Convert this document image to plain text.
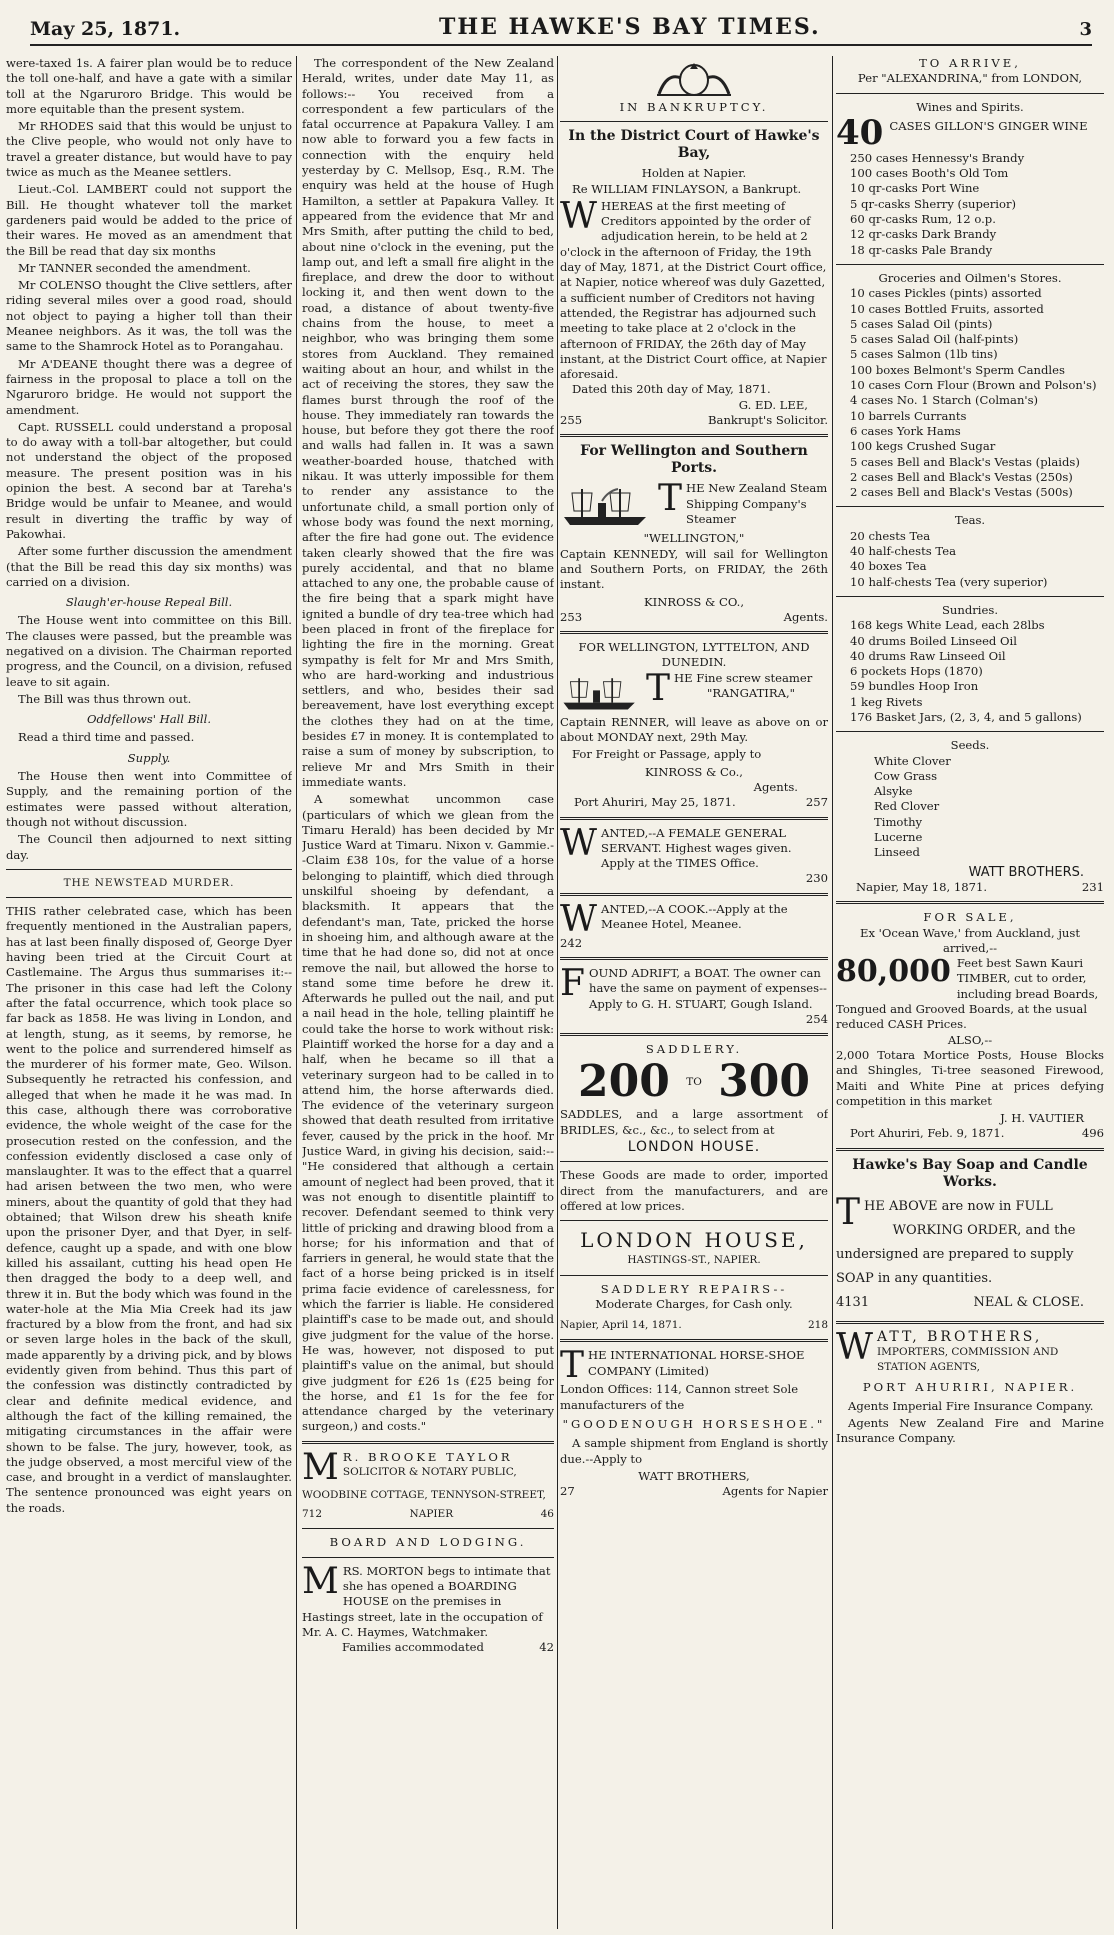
May 25, 1871.	THE HAWKE'S BAY TIMES.	3

were-taxed 1s. A fairer plan would be to reduce the toll one-half, and have a gate with a similar toll at the Ngaruroro Bridge. This would be more equitable than the present system.

Mr RHODES said that this would be unjust to the Clive people, who would not only have to travel a greater distance, but would have to pay twice as much as the Meanee settlers.

Lieut.-Col. LAMBERT could not support the Bill. He thought whatever toll the market gardeners paid would be added to the price of their wares. He moved as an amendment that the Bill be read that day six months

Mr TANNER seconded the amendment.

Mr COLENSO thought the Clive settlers, after riding several miles over a good road, should not object to paying a higher toll than their Meanee neighbors. As it was, the toll was the same to the Shamrock Hotel as to Porangahau.

Mr A'DEANE thought there was a degree of fairness in the proposal to place a toll on the Ngaruroro bridge. He would not support the amendment.

Capt. RUSSELL could understand a proposal to do away with a toll-bar altogether, but could not understand the object of the proposed measure. The present position was in his opinion the best. A second bar at Tareha's Bridge would be unfair to Meanee, and would result in diverting the traffic by way of Pakowhai.

After some further discussion the amendment (that the Bill be read this day six months) was carried on a division.

Slaugh'er-house Repeal Bill.

The House went into committee on this Bill. The clauses were passed, but the preamble was negatived on a division. The Chairman reported progress, and the Council, on a division, refused leave to sit again.

The Bill was thus thrown out.

Oddfellows' Hall Bill.

Read a third time and passed.

Supply.

The House then went into Committee of Supply, and the remaining portion of the estimates were passed without alteration, though not without discussion.

The Council then adjourned to next sitting day.

THE NEWSTEAD MURDER.

THIS rather celebrated case, which has been frequently mentioned in the Australian papers, has at last been finally disposed of, George Dyer having been tried at the Circuit Court at Castlemaine. The Argus thus summarises it:-- The prisoner in this case had left the Colony after the fatal occurrence, which took place so far back as 1858. He was living in London, and at length, stung, as it seems, by remorse, he went to the police and surrendered himself as the murderer of his former mate, Geo. Wilson. Subsequently he retracted his confession, and alleged that when he made it he was mad. In this case, although there was corroborative evidence, the whole weight of the case for the prosecution rested on the confession, and the confession evidently disclosed a case only of manslaughter. It was to the effect that a quarrel had arisen between the two men, who were miners, about the quantity of gold that they had obtained; that Wilson drew his sheath knife upon the prisoner Dyer, and that Dyer, in self-defence, caught up a spade, and with one blow killed his assailant, cutting his head open He then dragged the body to a deep well, and threw it in. But the body which was found in the water-hole at the Mia Mia Creek had its jaw fractured by a blow from the front, and had six or seven large holes in the back of the skull, made apparently by a driving pick, and by blows evidently given from behind. Thus this part of the confession was distinctly contradicted by clear and definite medical evidence, and although the fact of the killing remained, the mitigating circumstances in the affair were shown to be false. The jury, however, took, as the judge observed, a most merciful view of the case, and brought in a verdict of manslaughter. The sentence pronounced was eight years on the roads.

The correspondent of the New Zealand Herald, writes, under date May 11, as follows:-- You received from a correspondent a few particulars of the fatal occurrence at Papakura Valley. I am now able to forward you a few facts in connection with the enquiry held yesterday by C. Mellsop, Esq., R.M. The enquiry was held at the house of Hugh Hamilton, a settler at Papakura Valley. It appeared from the evidence that Mr and Mrs Smith, after putting the child to bed, about nine o'clock in the evening, put the lamp out, and left a small fire alight in the fireplace, and drew the door to without locking it, and then went down to the road, a distance of about twenty-five chains from the house, to meet a neighbor, who was bringing them some stores from Auckland. They remained waiting about an hour, and whilst in the act of receiving the stores, they saw the flames burst through the roof of the house. They immediately ran towards the house, but before they got there the roof and walls had fallen in. It was a sawn weather-boarded house, thatched with nikau. It was utterly impossible for them to render any assistance to the unfortunate child, a small portion only of whose body was found the next morning, after the fire had gone out. The evidence taken clearly showed that the fire was purely accidental, and that no blame attached to any one, the probable cause of the fire being that a spark might have ignited a bundle of dry tea-tree which had been placed in front of the fireplace for lighting the fire in the morning. Great sympathy is felt for Mr and Mrs Smith, who are hard-working and industrious settlers, and who, besides their sad bereavement, have lost everything except the clothes they had on at the time, besides £7 in money. It is contemplated to raise a sum of money by subscription, to relieve Mr and Mrs Smith in their immediate wants.

A somewhat uncommon case (particulars of which we glean from the Timaru Herald) has been decided by Mr Justice Ward at Timaru. Nixon v. Gammie.--Claim £38 10s, for the value of a horse belonging to plaintiff, which died through unskilful shoeing by defendant, a blacksmith. It appears that the defendant's man, Tate, pricked the horse in shoeing him, and although aware at the time that he had done so, did not at once remove the nail, but allowed the horse to stand some time before he drew it. Afterwards he pulled out the nail, and put a nail head in the hole, telling plaintiff he could take the horse to work without risk: Plaintiff worked the horse for a day and a half, when he became so ill that a veterinary surgeon had to be called in to attend him, the horse afterwards died. The evidence of the veterinary surgeon showed that death resulted from irritative fever, caused by the prick in the hoof. Mr Justice Ward, in giving his decision, said:--"He considered that although a certain amount of neglect had been proved, that it was not enough to disentitle plaintiff to recover. Defendant seemed to think very little of pricking and drawing blood from a horse; for his information and that of farriers in general, he would state that the fact of a horse being pricked is in itself prima facie evidence of carelessness, for which the farrier is liable. He considered plaintiff's case to be made out, and should give judgment for the value of the horse. He was, however, not disposed to put plaintiff's value on the animal, but should give judgment for £26 1s (£25 being for the horse, and £1 1s for the fee for attendance charged by the veterinary surgeon,) and costs."

M R. BROOKE TAYLOR
SOLICITOR & NOTARY PUBLIC,
WOODBINE COTTAGE, TENNYSON-STREET,
712	NAPIER	46
BOARD AND LODGING.
M RS. MORTON begs to intimate that she has opened a BOARDING HOUSE on the premises in Hastings street, late in the occupation of Mr. A. C. Haymes, Watchmaker.
Families accommodated	42
IN BANKRUPTCY.
In the District Court of Hawke's Bay,
Holden at Napier.

Re WILLIAM FINLAYSON, a Bankrupt.

W HEREAS at the first meeting of Creditors appointed by the order of adjudication herein, to be held at 2 o'clock in the afternoon of Friday, the 19th day of May, 1871, at the District Court office, at Napier, notice whereof was duly Gazetted, a sufficient number of Creditors not having attended, the Registrar has adjourned such meeting to take place at 2 o'clock in the afternoon of FRIDAY, the 26th day of May instant, at the District Court office, at Napier aforesaid.
Dated this 20th day of May, 1871.
G. ED. LEE,
255	Bankrupt's Solicitor.
For Wellington and Southern Ports.
T HE New Zealand Steam Shipping Company's Steamer
"WELLINGTON,"

Captain KENNEDY, will sail for Wellington and Southern Ports, on FRIDAY, the 26th instant.

KINROSS & CO.,
253	Agents.
FOR WELLINGTON, LYTTELTON, AND DUNEDIN.
T HE Fine screw steamer
"RANGATIRA,"

Captain RENNER, will leave as above on or about MONDAY next, 29th May.

For Freight or Passage, apply to

KINROSS & Co.,
Agents.
Port Ahuriri, May 25, 1871.	257
W ANTED,--A FEMALE GENERAL SERVANT. Highest wages given. Apply at the TIMES Office.
230
W ANTED,--A COOK.--Apply at the Meanee Hotel, Meanee.
242
F OUND ADRIFT, a BOAT. The owner can have the same on payment of expenses--Apply to G. H. STUART, Gough Island.
254
SADDLERY.
200 TO 300

SADDLES, and a large assortment of BRIDLES, &c., &c., to select from at

LONDON HOUSE.

These Goods are made to order, imported direct from the manufacturers, and are offered at low prices.

LONDON HOUSE,
HASTINGS-ST., NAPIER.
SADDLERY REPAIRS--
Moderate Charges, for Cash only.
Napier, April 14, 1871.	218
T HE INTERNATIONAL HORSE-SHOE COMPANY (Limited)
London Offices: 114, Cannon street Sole manufacturers of the
"GOODENOUGH HORSESHOE."

A sample shipment from England is shortly due.--Apply to

WATT BROTHERS,
27	Agents for Napier
TO ARRIVE,
Per "ALEXANDRINA," from LONDON,
Wines and Spirits.
40 CASES GILLON'S GINGER WINE
250 cases Hennessy's Brandy
100 cases Booth's Old Tom
10 qr-casks Port Wine
5 qr-casks Sherry (superior)
60 qr-casks Rum, 12 o.p.
12 qr-casks Dark Brandy
18 qr-casks Pale Brandy
Groceries and Oilmen's Stores.
10 cases Pickles (pints) assorted
10 cases Bottled Fruits, assorted
5 cases Salad Oil (pints)
5 cases Salad Oil (half-pints)
5 cases Salmon (1lb tins)
100 boxes Belmont's Sperm Candles
10 cases Corn Flour (Brown and Polson's)
4 cases No. 1 Starch (Colman's)
10 barrels Currants
6 cases York Hams
100 kegs Crushed Sugar
5 cases Bell and Black's Vestas (plaids)
2 cases Bell and Black's Vestas (250s)
2 cases Bell and Black's Vestas (500s)
Teas.
20 chests Tea
40 half-chests Tea
40 boxes Tea
10 half-chests Tea (very superior)
Sundries.
168 kegs White Lead, each 28lbs
40 drums Boiled Linseed Oil
40 drums Raw Linseed Oil
6 pockets Hops (1870)
59 bundles Hoop Iron
1 keg Rivets
176 Basket Jars, (2, 3, 4, and 5 gallons)
Seeds.
White Clover
Cow Grass
Alsyke
Red Clover
Timothy
Lucerne
Linseed
WATT BROTHERS.
Napier, May 18, 1871.	231
FOR SALE,
Ex 'Ocean Wave,' from Auckland, just arrived,--
80,000 Feet best Sawn Kauri TIMBER, cut to order, including bread Boards, Tongued and Grooved Boards, at the usual reduced CASH Prices.
ALSO,--

2,000 Totara Mortice Posts, House Blocks and Shingles, Ti-tree seasoned Firewood, Maiti and White Pine at prices defying competition in this market

J. H. VAUTIER
Port Ahuriri, Feb. 9, 1871.	496
Hawke's Bay Soap and Candle Works.
T HE ABOVE are now in FULL
WORKING ORDER, and the
undersigned are prepared to supply
SOAP in any quantities.
4131	NEAL & CLOSE.
W ATT, BROTHERS,
IMPORTERS, COMMISSION AND STATION AGENTS,
PORT AHURIRI, NAPIER.

Agents Imperial Fire Insurance Company.

Agents New Zealand Fire and Marine Insurance Company.
